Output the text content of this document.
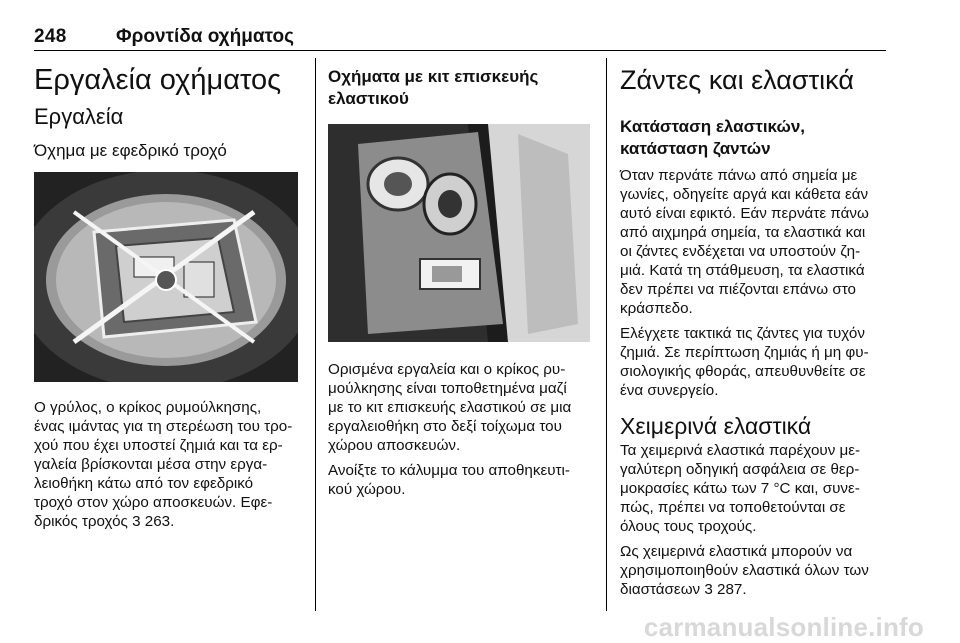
248	Φροντίδα οχήματος
Εργαλεία οχήματος
Εργαλεία
Όχημα με εφεδρικό τροχό
Ο γρύλος, ο κρίκος ρυμούλκησης,
ένας ιμάντας για τη στερέωση του τρο-
χού που έχει υποστεί ζημιά και τα ερ-
γαλεία βρίσκονται μέσα στην εργα-
λειοθήκη κάτω από τον εφεδρικό
τροχό στον χώρο αποσκευών. Εφε-
δρικός τροχός 3 263.
Οχήματα με κιτ επισκευής
ελαστικού
Ορισμένα εργαλεία και ο κρίκος ρυ-
μούλκησης είναι τοποθετημένα μαζί
με το κιτ επισκευής ελαστικού σε μια
εργαλειοθήκη στο δεξί τοίχωμα του
χώρου αποσκευών.
Ανοίξτε το κάλυμμα του αποθηκευτι-
κού χώρου.
Ζάντες και ελαστικά
Κατάσταση ελαστικών,
κατάσταση ζαντών
Όταν περνάτε πάνω από σημεία με
γωνίες, οδηγείτε αργά και κάθετα εάν
αυτό είναι εφικτό. Εάν περνάτε πάνω
από αιχμηρά σημεία, τα ελαστικά και
οι ζάντες ενδέχεται να υποστούν ζη-
μιά. Κατά τη στάθμευση, τα ελαστικά
δεν πρέπει να πιέζονται επάνω στο
κράσπεδο.
Ελέγχετε τακτικά τις ζάντες για τυχόν
ζημιά. Σε περίπτωση ζημιάς ή μη φυ-
σιολογικής φθοράς, απευθυνθείτε σε
ένα συνεργείο.
Χειμερινά ελαστικά
Τα χειμερινά ελαστικά παρέχουν με-
γαλύτερη οδηγική ασφάλεια σε θερ-
μοκρασίες κάτω των 7 °C και, συνε-
πώς, πρέπει να τοποθετούνται σε
όλους τους τροχούς.
Ως χειμερινά ελαστικά μπορούν να
χρησιμοποιηθούν ελαστικά όλων των
διαστάσεων 3 287.
carmanualsonline.info
